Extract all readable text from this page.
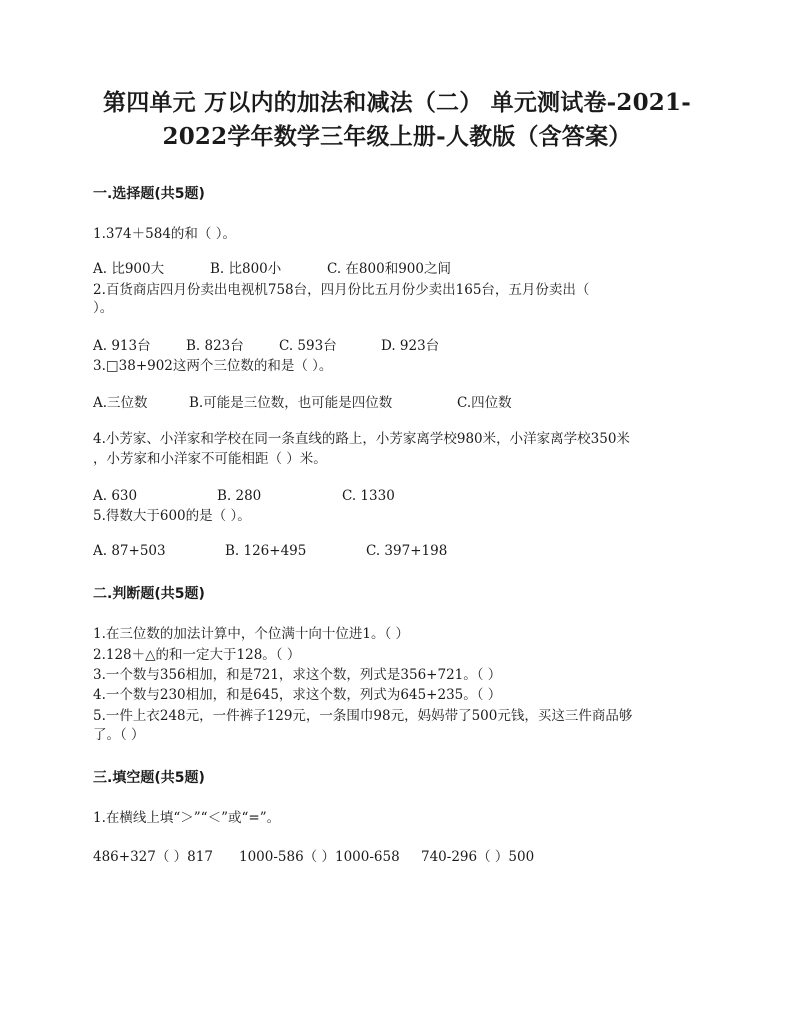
第四单元 万以内的加法和减法（二） 单元测试卷-2021-
2022学年数学三年级上册-人教版（含答案）
一.选择题(共5题)
1.374＋584的和（ ）。
A. 比900大	B. 比800小	C. 在800和900之间
2.百货商店四月份卖出电视机758台，四月份比五月份少卖出165台，五月份卖出（
）。
A. 913台	B. 823台	C. 593台	D. 923台
3.□38+902这两个三位数的和是（ ）。
A.三位数	B.可能是三位数，也可能是四位数	C.四位数
4.小芳家、小洋家和学校在同一条直线的路上，小芳家离学校980米，小洋家离学校350米
，小芳家和小洋家不可能相距（ ）米。
A. 630	B. 280	C. 1330
5.得数大于600的是（ ）。
A. 87+503	B. 126+495	C. 397+198
二.判断题(共5题)
1.在三位数的加法计算中，个位满十向十位进1。（ ）
2.128＋△的和一定大于128。（ ）
3.一个数与356相加，和是721，求这个数，列式是356+721。（ ）
4.一个数与230相加，和是645，求这个数，列式为645+235。（ ）
5.一件上衣248元，一件裤子129元，一条围巾98元，妈妈带了500元钱，买这三件商品够
了。（ ）
三.填空题(共5题)
1.在横线上填“＞”“＜”或“=”。
486+327（ ）817 1000-586（ ）1000-658 740-296（ ）500
